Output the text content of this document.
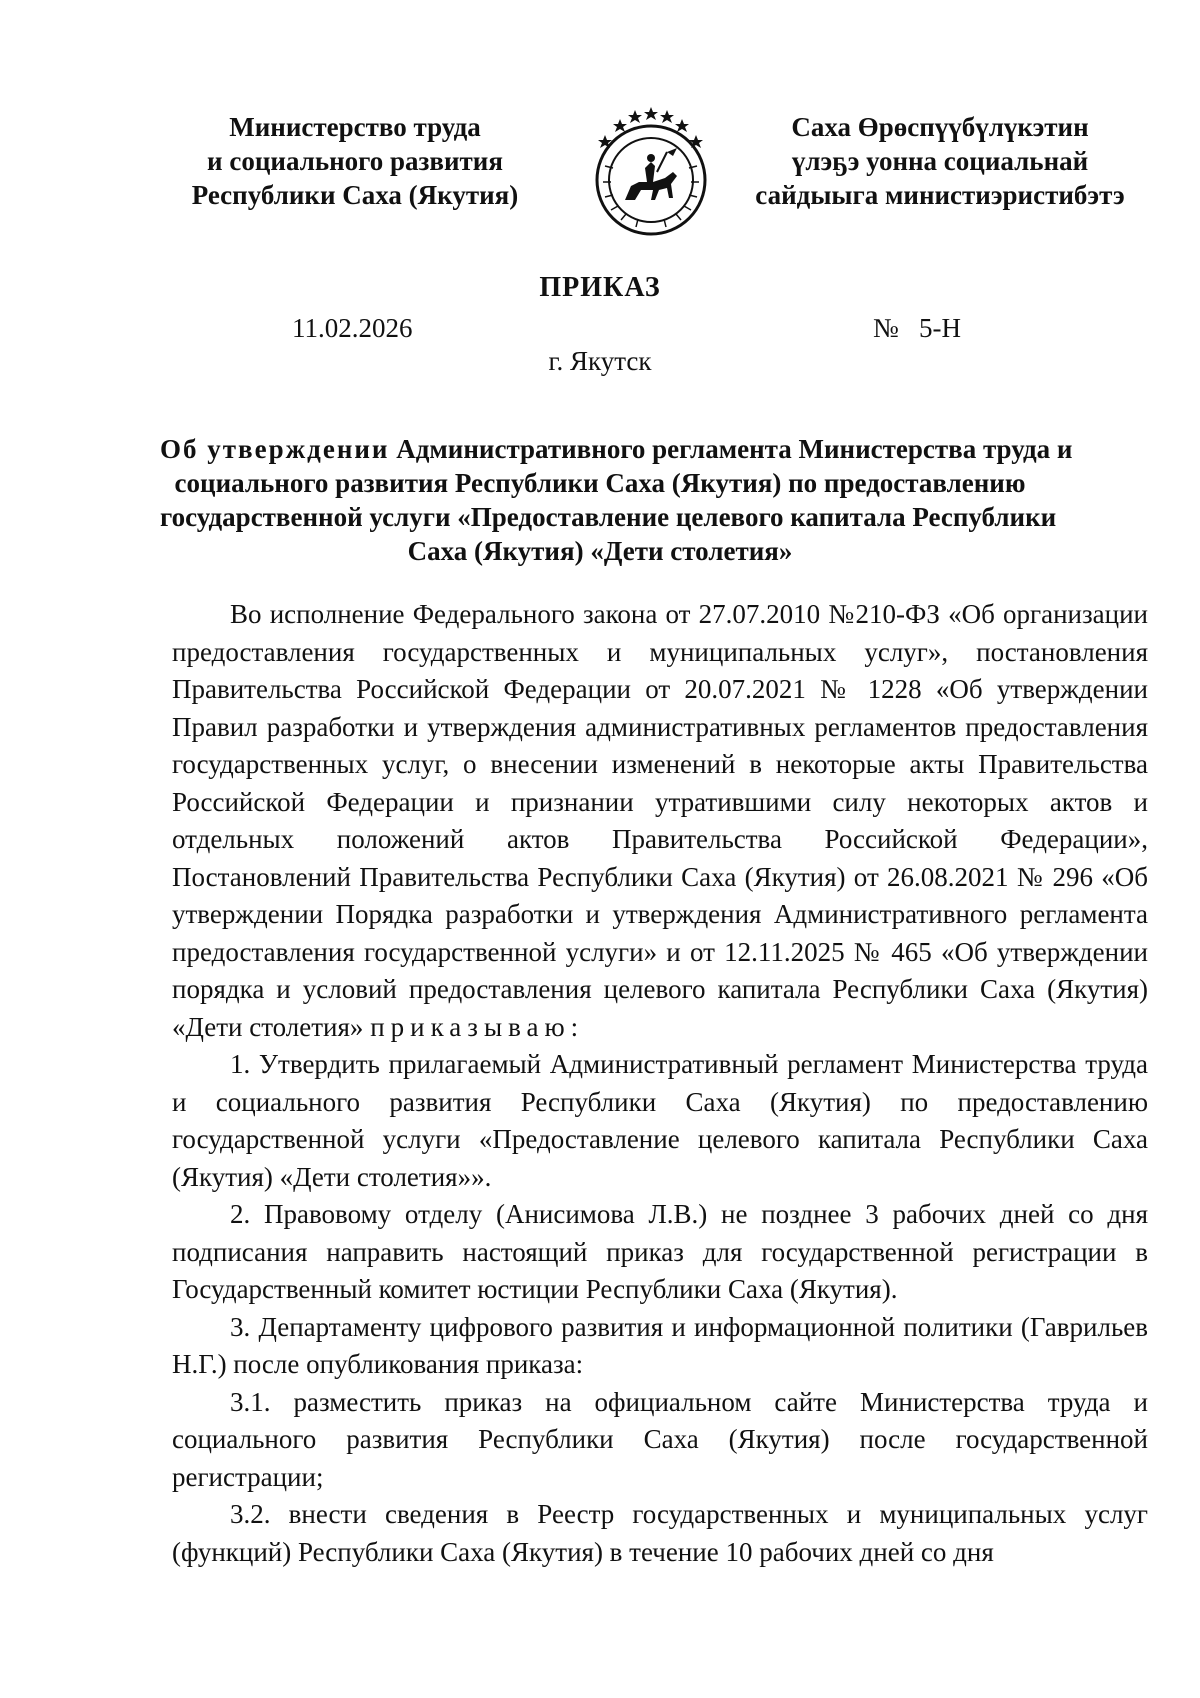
Министерство труда
и социального развития
Республики Саха (Якутия)
Саха Өрөспүүбүлүкэтин
үлэҕэ уонна социальнай
сайдыыга министиэристибэтэ
ПРИКАЗ
11.02.2026	№ 5-Н
г. Якутск
Об утверждении Административного регламента Министерства труда и
социального развития Республики Саха (Якутия) по предоставлению
государственной услуги «Предоставление целевого капитала Республики
Саха (Якутия) «Дети столетия»

Во исполнение Федерального закона от 27.07.2010 №210-ФЗ «Об организации предоставления государственных и муниципальных услуг», постановления Правительства Российской Федерации от 20.07.2021 № 1228 «Об утверждении Правил разработки и утверждения административных регламентов предоставления государственных услуг, о внесении изменений в некоторые акты Правительства Российской Федерации и признании утратившими силу некоторых актов и отдельных положений актов Правительства Российской Федерации», Постановлений Правительства Республики Саха (Якутия) от 26.08.2021 № 296 «Об утверждении Порядка разработки и утверждения Административного регламента предоставления государственной услуги» и от 12.11.2025 № 465 «Об утверждении порядка и условий предоставления целевого капитала Республики Саха (Якутия) «Дети столетия» приказываю:

1. Утвердить прилагаемый Административный регламент Министерства труда и социального развития Республики Саха (Якутия) по предоставлению государственной услуги «Предоставление целевого капитала Республики Саха (Якутия) «Дети столетия»».

2. Правовому отделу (Анисимова Л.В.) не позднее 3 рабочих дней со дня подписания направить настоящий приказ для государственной регистрации в Государственный комитет юстиции Республики Саха (Якутия).

3. Департаменту цифрового развития и информационной политики (Гаврильев Н.Г.) после опубликования приказа:

3.1. разместить приказ на официальном сайте Министерства труда и социального развития Республики Саха (Якутия) после государственной регистрации;

3.2. внести сведения в Реестр государственных и муниципальных услуг (функций) Республики Саха (Якутия) в течение 10 рабочих дней со дня
